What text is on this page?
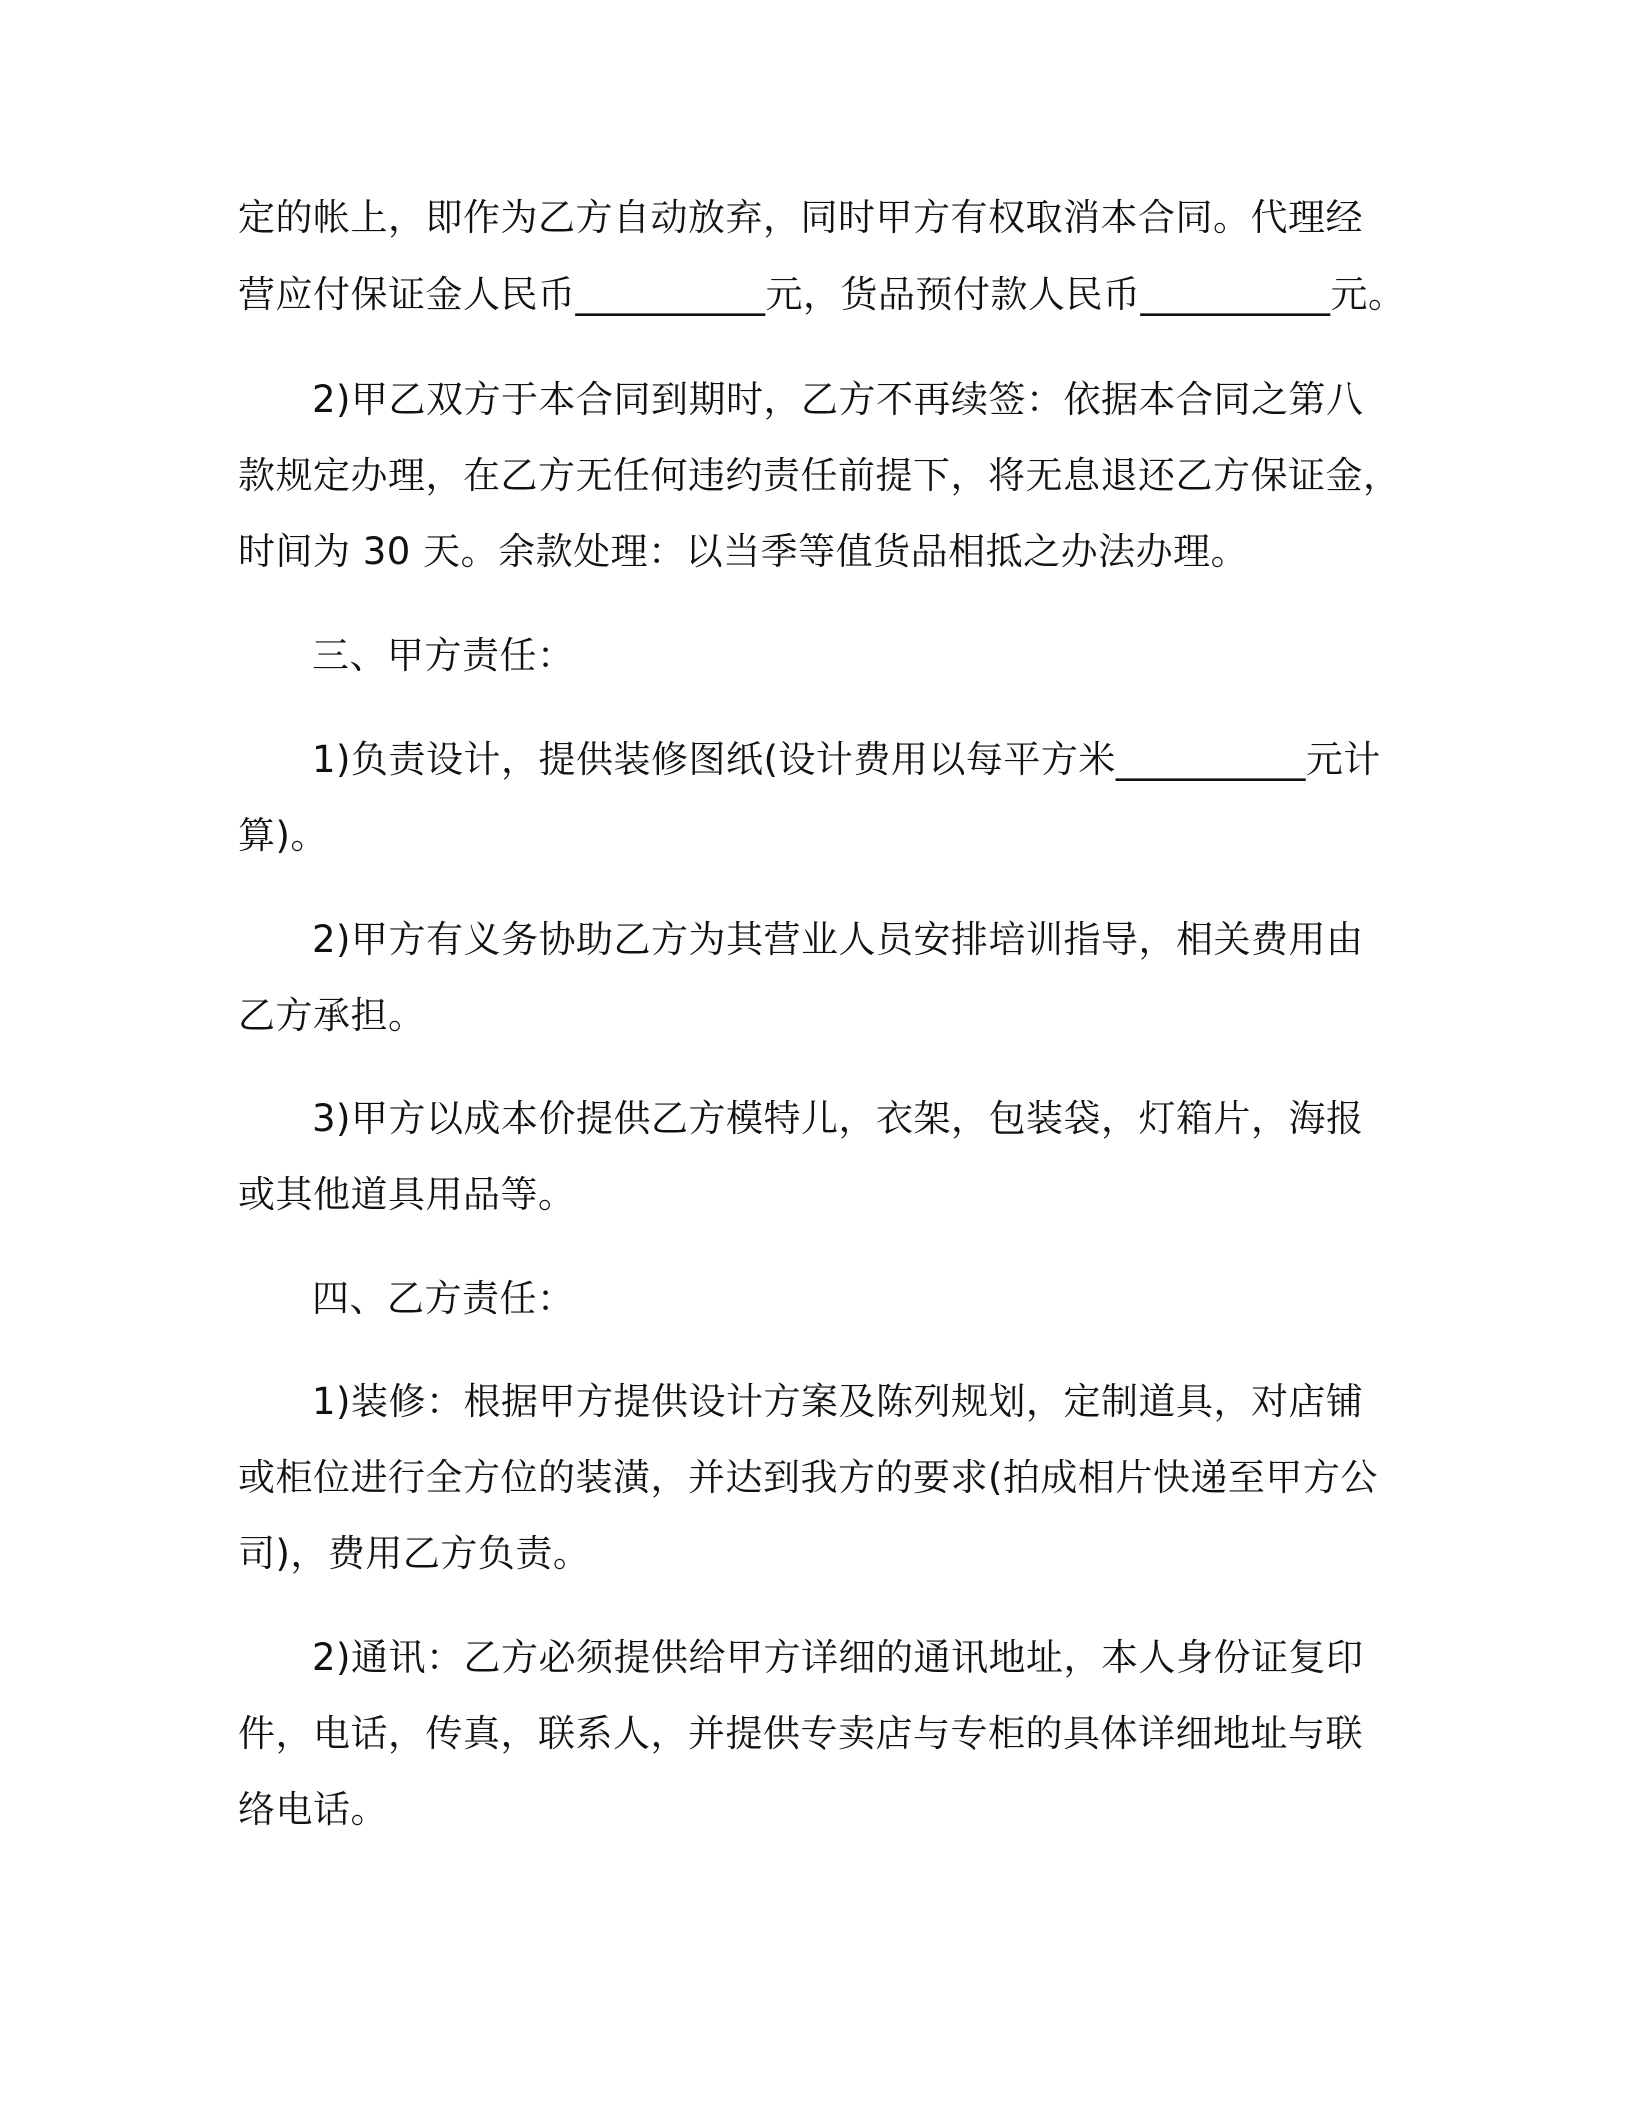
定的帐上，即作为乙方自动放弃，同时甲方有权取消本合同。代理经
营应付保证金人民币__________元，货品预付款人民币__________元。
2)甲乙双方于本合同到期时，乙方不再续签：依据本合同之第八
款规定办理，在乙方无任何违约责任前提下，将无息退还乙方保证金，
时间为 30 天。余款处理：以当季等值货品相抵之办法办理。
三、甲方责任：
1)负责设计，提供装修图纸(设计费用以每平方米__________元计
算)。
2)甲方有义务协助乙方为其营业人员安排培训指导，相关费用由
乙方承担。
3)甲方以成本价提供乙方模特儿，衣架，包装袋，灯箱片，海报
或其他道具用品等。
四、乙方责任：
1)装修：根据甲方提供设计方案及陈列规划，定制道具，对店铺
或柜位进行全方位的装潢，并达到我方的要求(拍成相片快递至甲方公
司)，费用乙方负责。
2)通讯：乙方必须提供给甲方详细的通讯地址，本人身份证复印
件，电话，传真，联系人，并提供专卖店与专柜的具体详细地址与联
络电话。
